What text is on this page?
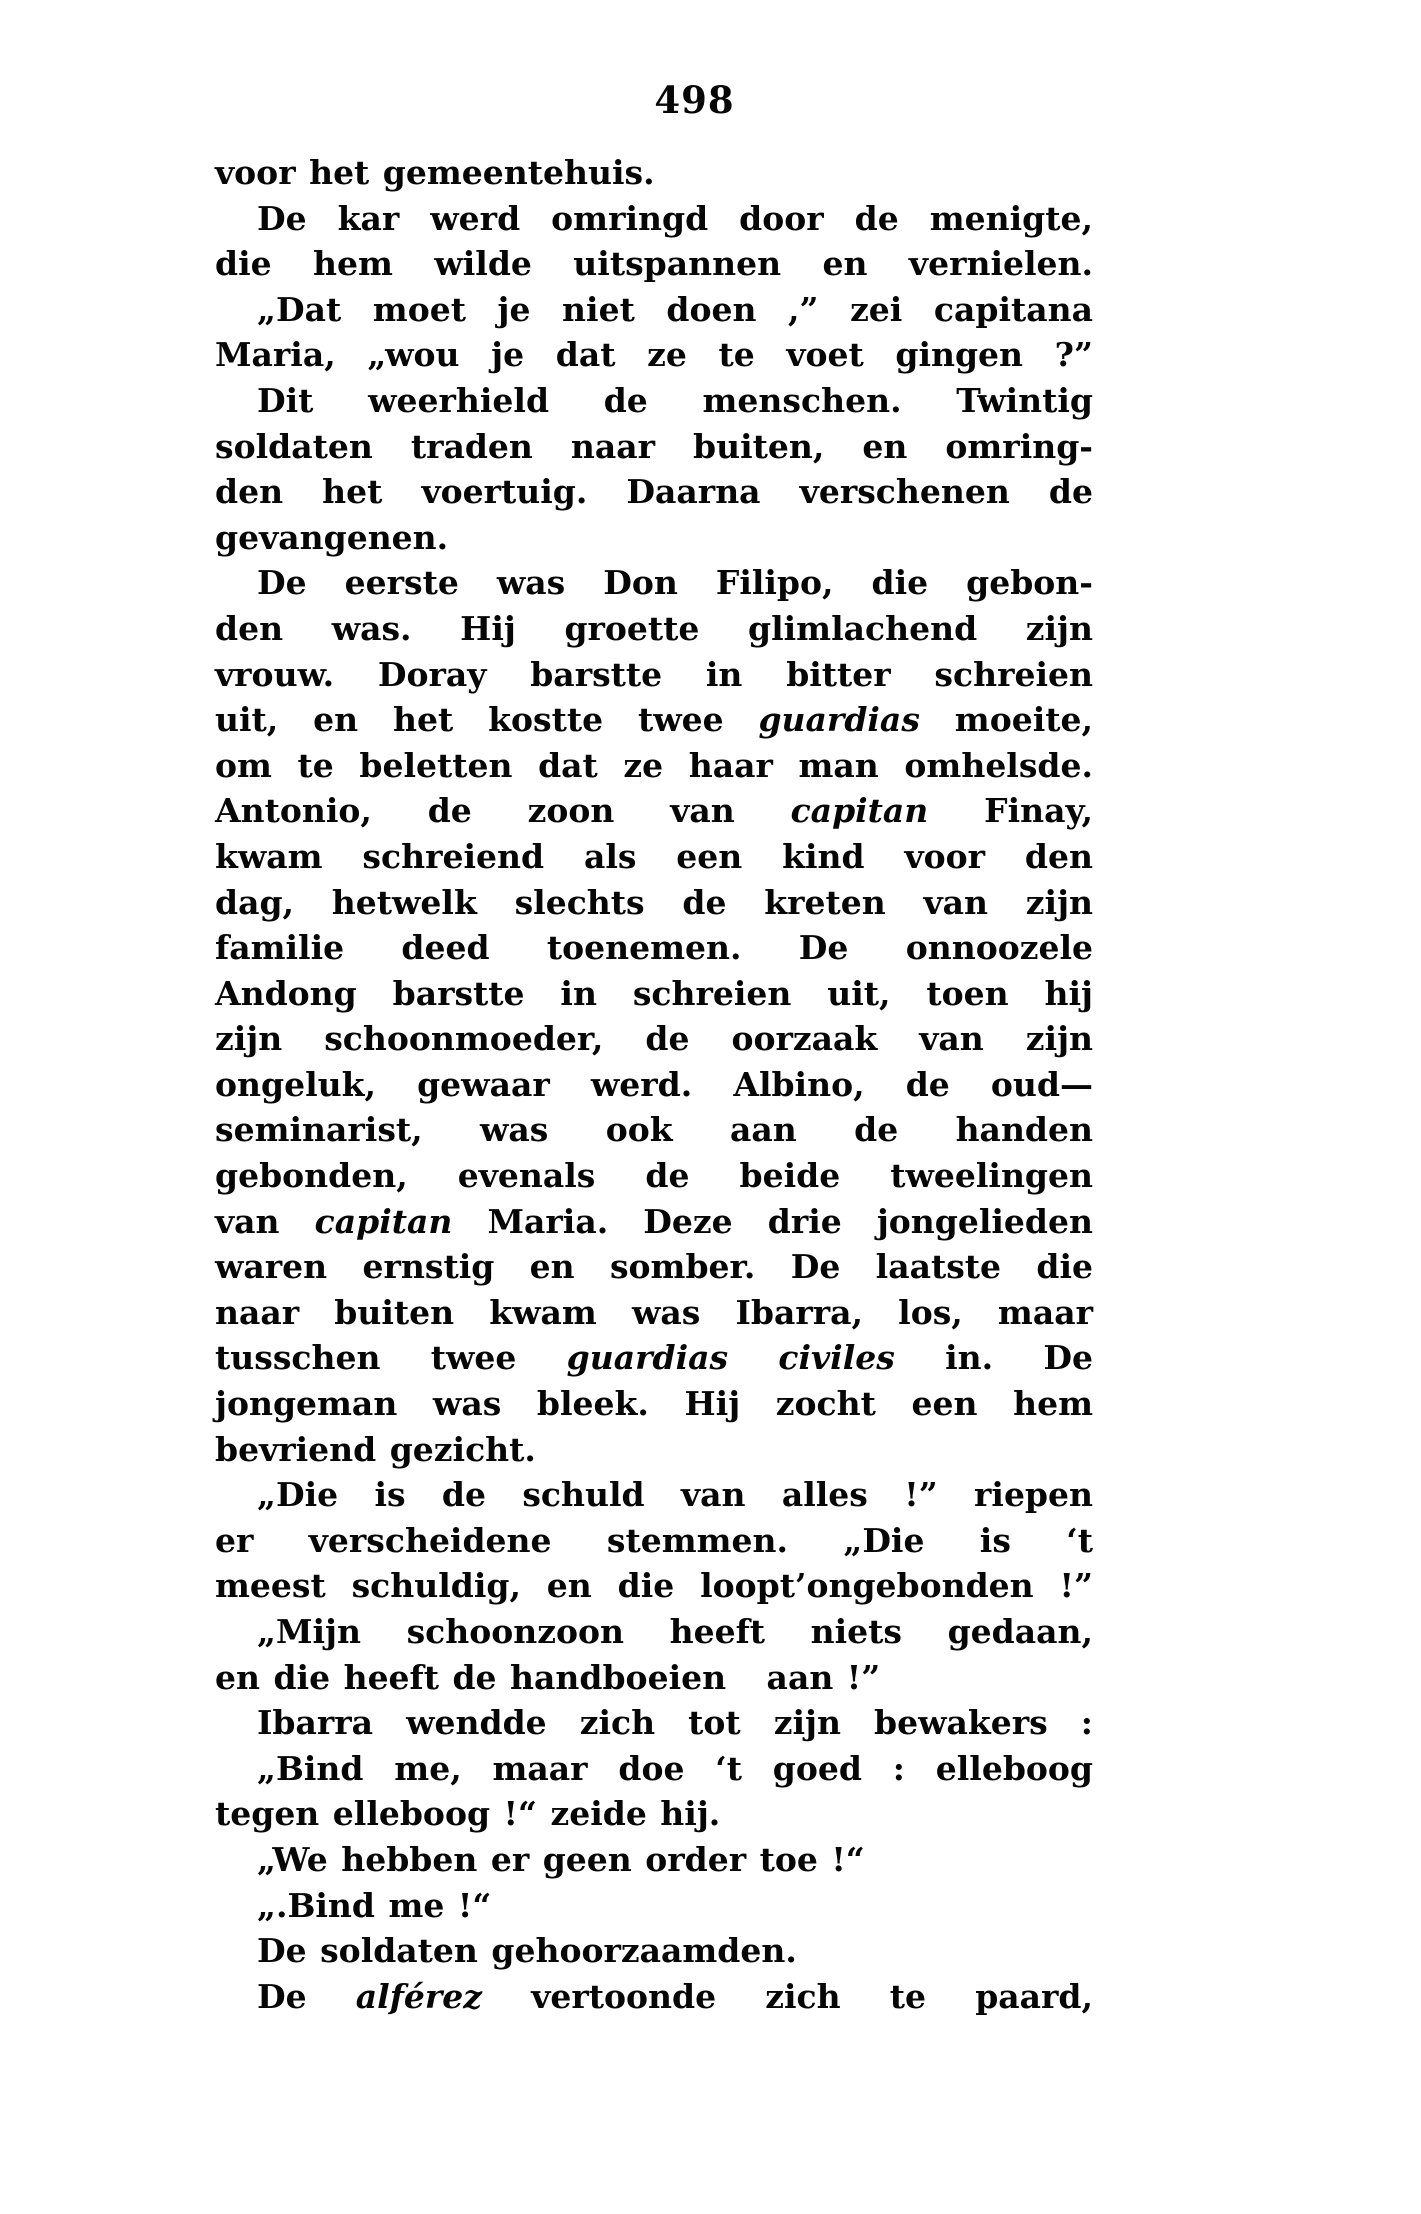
498
voor het gemeentehuis.
De kar werd omringd door de menigte,
die hem wilde uitspannen en vernielen.
„Dat moet je niet doen ,” zei capitana
Maria, „wou je dat ze te voet gingen ?”
Dit weerhield de menschen. Twintig
soldaten traden naar buiten, en omring-
den het voertuig. Daarna verschenen de
gevangenen.
De eerste was Don Filipo, die gebon-
den was. Hij groette glimlachend zijn
vrouw. Doray barstte in bitter schreien
uit, en het kostte twee guardias moeite,
om te beletten dat ze haar man omhelsde.
Antonio, de zoon van capitan Finay,
kwam schreiend als een kind voor den
dag, hetwelk slechts de kreten van zijn
familie deed toenemen. De onnoozele
Andong barstte in schreien uit, toen hij
zijn schoonmoeder, de oorzaak van zijn
ongeluk, gewaar werd. Albino, de oud—
seminarist, was ook aan de handen
gebonden, evenals de beide tweelingen
van capitan Maria. Deze drie jongelieden
waren ernstig en somber. De laatste die
naar buiten kwam was Ibarra, los, maar
tusschen twee guardias civiles in. De
jongeman was bleek. Hij zocht een hem
bevriend gezicht.
„Die is de schuld van alles !” riepen
er verscheidene stemmen. „Die is ‘t
meest schuldig, en die loopt’ongebonden !”
„Mijn schoonzoon heeft niets gedaan,
en die heeft de handboeien   aan !”
Ibarra wendde zich tot zijn bewakers :
„Bind me, maar doe ‘t goed : elleboog
tegen elleboog !“ zeide hij.
„We hebben er geen order toe !“
„.Bind me !“
De soldaten gehoorzaamden.
De alférez vertoonde zich te paard,
